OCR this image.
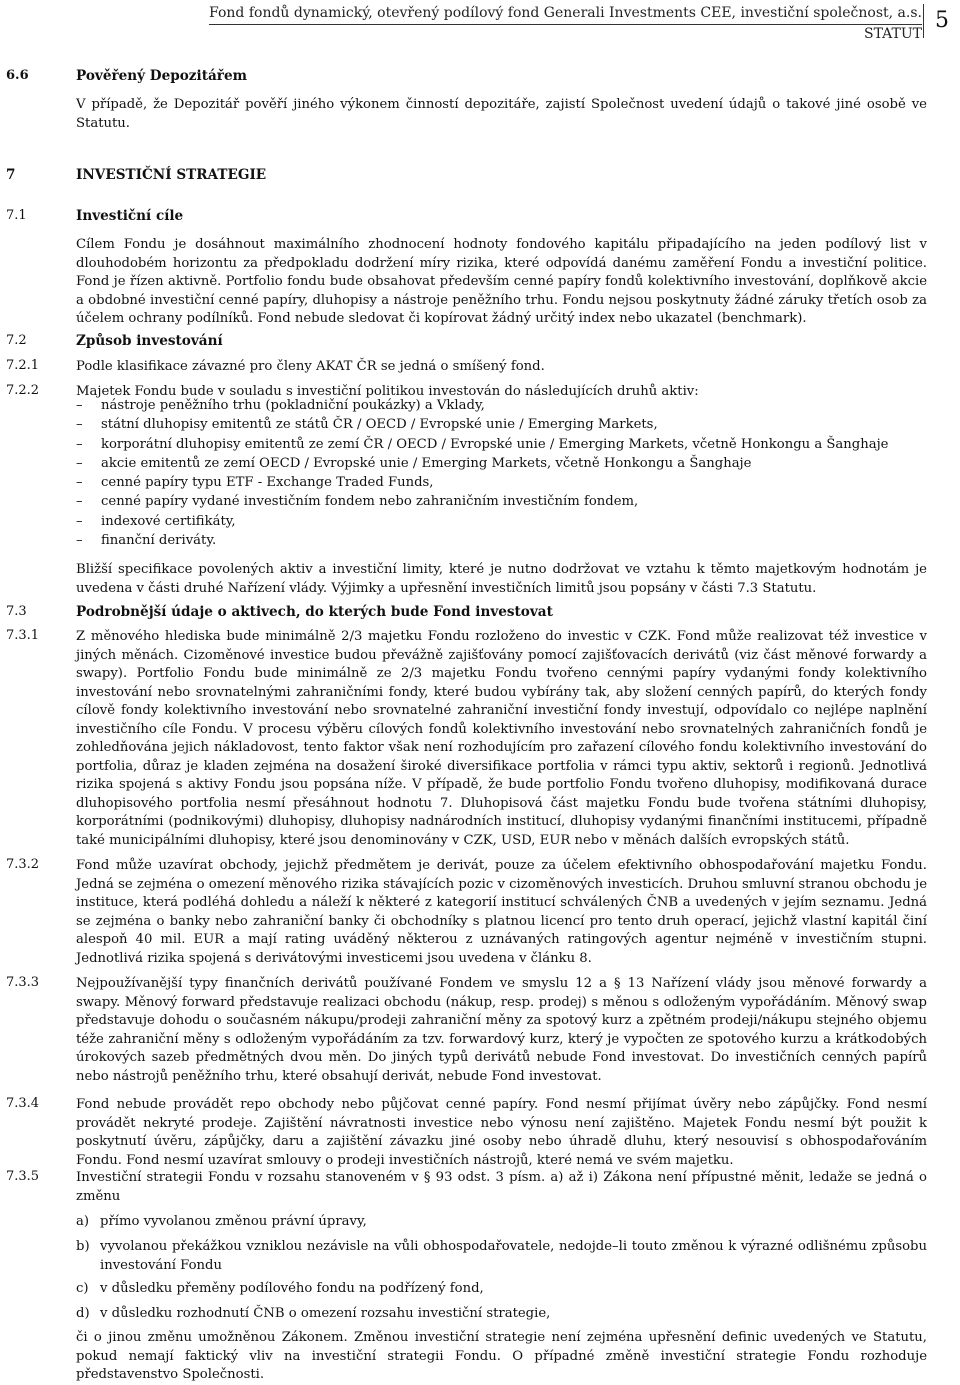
Fond fondů dynamický, otevřený podílový fond Generali Investments CEE, investiční společnost, a.s.
STATUT
5
6.6	Pověřený Depozitářem
V případě, že Depozitář pověří jiného výkonem činností depozitáře, zajistí Společnost uvedení údajů o takové jiné osobě ve Statutu.
7	INVESTIČNÍ STRATEGIE
7.1	Investiční cíle
Cílem Fondu je dosáhnout maximálního zhodnocení hodnoty fondového kapitálu připadajícího na jeden podílový list v dlouhodobém horizontu za předpokladu dodržení míry rizika, které odpovídá danému zaměření Fondu a investiční politice. Fond je řízen aktivně. Portfolio fondu bude obsahovat především cenné papíry fondů kolektivního investování, doplňkově akcie a obdobné investiční cenné papíry, dluhopisy a nástroje peněžního trhu. Fondu nejsou poskytnuty žádné záruky třetích osob za účelem ochrany podílníků. Fond nebude sledovat či kopírovat žádný určitý index nebo ukazatel (benchmark).
7.2	Způsob investování
7.2.1	Podle klasifikace závazné pro členy AKAT ČR se jedná o smíšený fond.
7.2.2	Majetek Fondu bude v souladu s investiční politikou investován do následujících druhů aktiv:
– nástroje peněžního trhu (pokladniční poukázky) a Vklady,
– státní dluhopisy emitentů ze států ČR / OECD / Evropské unie / Emerging Markets,
– korporátní dluhopisy emitentů ze zemí ČR / OECD / Evropské unie / Emerging Markets, včetně Honkongu a Šanghaje
– akcie emitentů ze zemí OECD / Evropské unie / Emerging Markets, včetně Honkongu a Šanghaje
– cenné papíry typu ETF - Exchange Traded Funds,
– cenné papíry vydané investičním fondem nebo zahraničním investičním fondem,
– indexové certifikáty,
– finanční deriváty.
Bližší specifikace povolených aktiv a investiční limity, které je nutno dodržovat ve vztahu k těmto majetkovým hodnotám je uvedena v části druhé Nařízení vlády. Výjimky a upřesnění investičních limitů jsou popsány v části 7.3 Statutu.
7.3	Podrobnější údaje o aktivech, do kterých bude Fond investovat
7.3.1	Z měnového hlediska bude minimálně 2/3 majetku Fondu rozloženo do investic v CZK. Fond může realizovat též investice v jiných měnách. Cizoměnové investice budou převážně zajišťovány pomocí zajišťovacích derivátů (viz část měnové forwardy a swapy). Portfolio Fondu bude minimálně ze 2/3 majetku Fondu tvořeno cennými papíry vydanými fondy kolektivního investování nebo srovnatelnými zahraničními fondy, které budou vybírány tak, aby složení cenných papírů, do kterých fondy cílově fondy kolektivního investování nebo srovnatelné zahraniční investiční fondy investují, odpovídalo co nejlépe naplnění investičního cíle Fondu. V procesu výběru cílových fondů kolektivního investování nebo srovnatelných zahraničních fondů je zohledňována jejich nákladovost, tento faktor však není rozhodujícím pro zařazení cílového fondu kolektivního investování do portfolia, důraz je kladen zejména na dosažení široké diversifikace portfolia v rámci typu aktiv, sektorů i regionů. Jednotlivá rizika spojená s aktivy Fondu jsou popsána níže. V případě, že bude portfolio Fondu tvořeno dluhopisy, modifikovaná durace dluhopisového portfolia nesmí přesáhnout hodnotu 7. Dluhopisová část majetku Fondu bude tvořena státními dluhopisy, korporátními (podnikovými) dluhopisy, dluhopisy nadnárodních institucí, dluhopisy vydanými finančními institucemi, případně také municipálními dluhopisy, které jsou denominovány v CZK, USD, EUR nebo v měnách dalších evropských států.
7.3.2	Fond může uzavírat obchody, jejichž předmětem je derivát, pouze za účelem efektivního obhospodařování majetku Fondu. Jedná se zejména o omezení měnového rizika stávajících pozic v cizoměnových investicích. Druhou smluvní stranou obchodu je instituce, která podléhá dohledu a náleží k některé z kategorií institucí schválených ČNB a uvedených v jejím seznamu. Jedná se zejména o banky nebo zahraniční banky či obchodníky s platnou licencí pro tento druh operací, jejichž vlastní kapitál činí alespoň 40 mil. EUR a mají rating uváděný některou z uznávaných ratingových agentur nejméně v investičním stupni. Jednotlivá rizika spojená s derivátovými investicemi jsou uvedena v článku 8.
7.3.3	Nejpoužívanější typy finančních derivátů používané Fondem ve smyslu 12 a § 13 Nařízení vlády jsou měnové forwardy a swapy. Měnový forward představuje realizaci obchodu (nákup, resp. prodej) s měnou s odloženým vypořádáním. Měnový swap představuje dohodu o současném nákupu/prodeji zahraniční měny za spotový kurz a zpětném prodeji/nákupu stejného objemu téže zahraniční měny s odloženým vypořádáním za tzv. forwardový kurz, který je vypočten ze spotového kurzu a krátkodobých úrokových sazeb předmětných dvou měn. Do jiných typů derivátů nebude Fond investovat. Do investičních cenných papírů nebo nástrojů peněžního trhu, které obsahují derivát, nebude Fond investovat.
7.3.4	Fond nebude provádět repo obchody nebo půjčovat cenné papíry. Fond nesmí přijímat úvěry nebo zápůjčky. Fond nesmí provádět nekryté prodeje. Zajištění návratnosti investice nebo výnosu není zajištěno. Majetek Fondu nesmí být použit k poskytnutí úvěru, zápůjčky, daru a zajištění závazku jiné osoby nebo úhradě dluhu, který nesouvisí s obhospodařováním Fondu. Fond nesmí uzavírat smlouvy o prodeji investičních nástrojů, které nemá ve svém majetku.
7.3.5	Investiční strategii Fondu v rozsahu stanoveném v § 93 odst. 3 písm. a) až i) Zákona není přípustné měnit, ledaže se jedná o změnu
a) přímo vyvolanou změnou právní úpravy,
b) vyvolanou překážkou vzniklou nezávisle na vůli obhospodařovatele, nedojde–li touto změnou k výrazné odlišnému způsobu investování Fondu
c) v důsledku přeměny podílového fondu na podřízený fond,
d) v důsledku rozhodnutí ČNB o omezení rozsahu investiční strategie,
či o jinou změnu umožněnou Zákonem. Změnou investiční strategie není zejména upřesnění definic uvedených ve Statutu, pokud nemají faktický vliv na investiční strategii Fondu. O případné změně investiční strategie Fondu rozhoduje představenstvo Společnosti.
